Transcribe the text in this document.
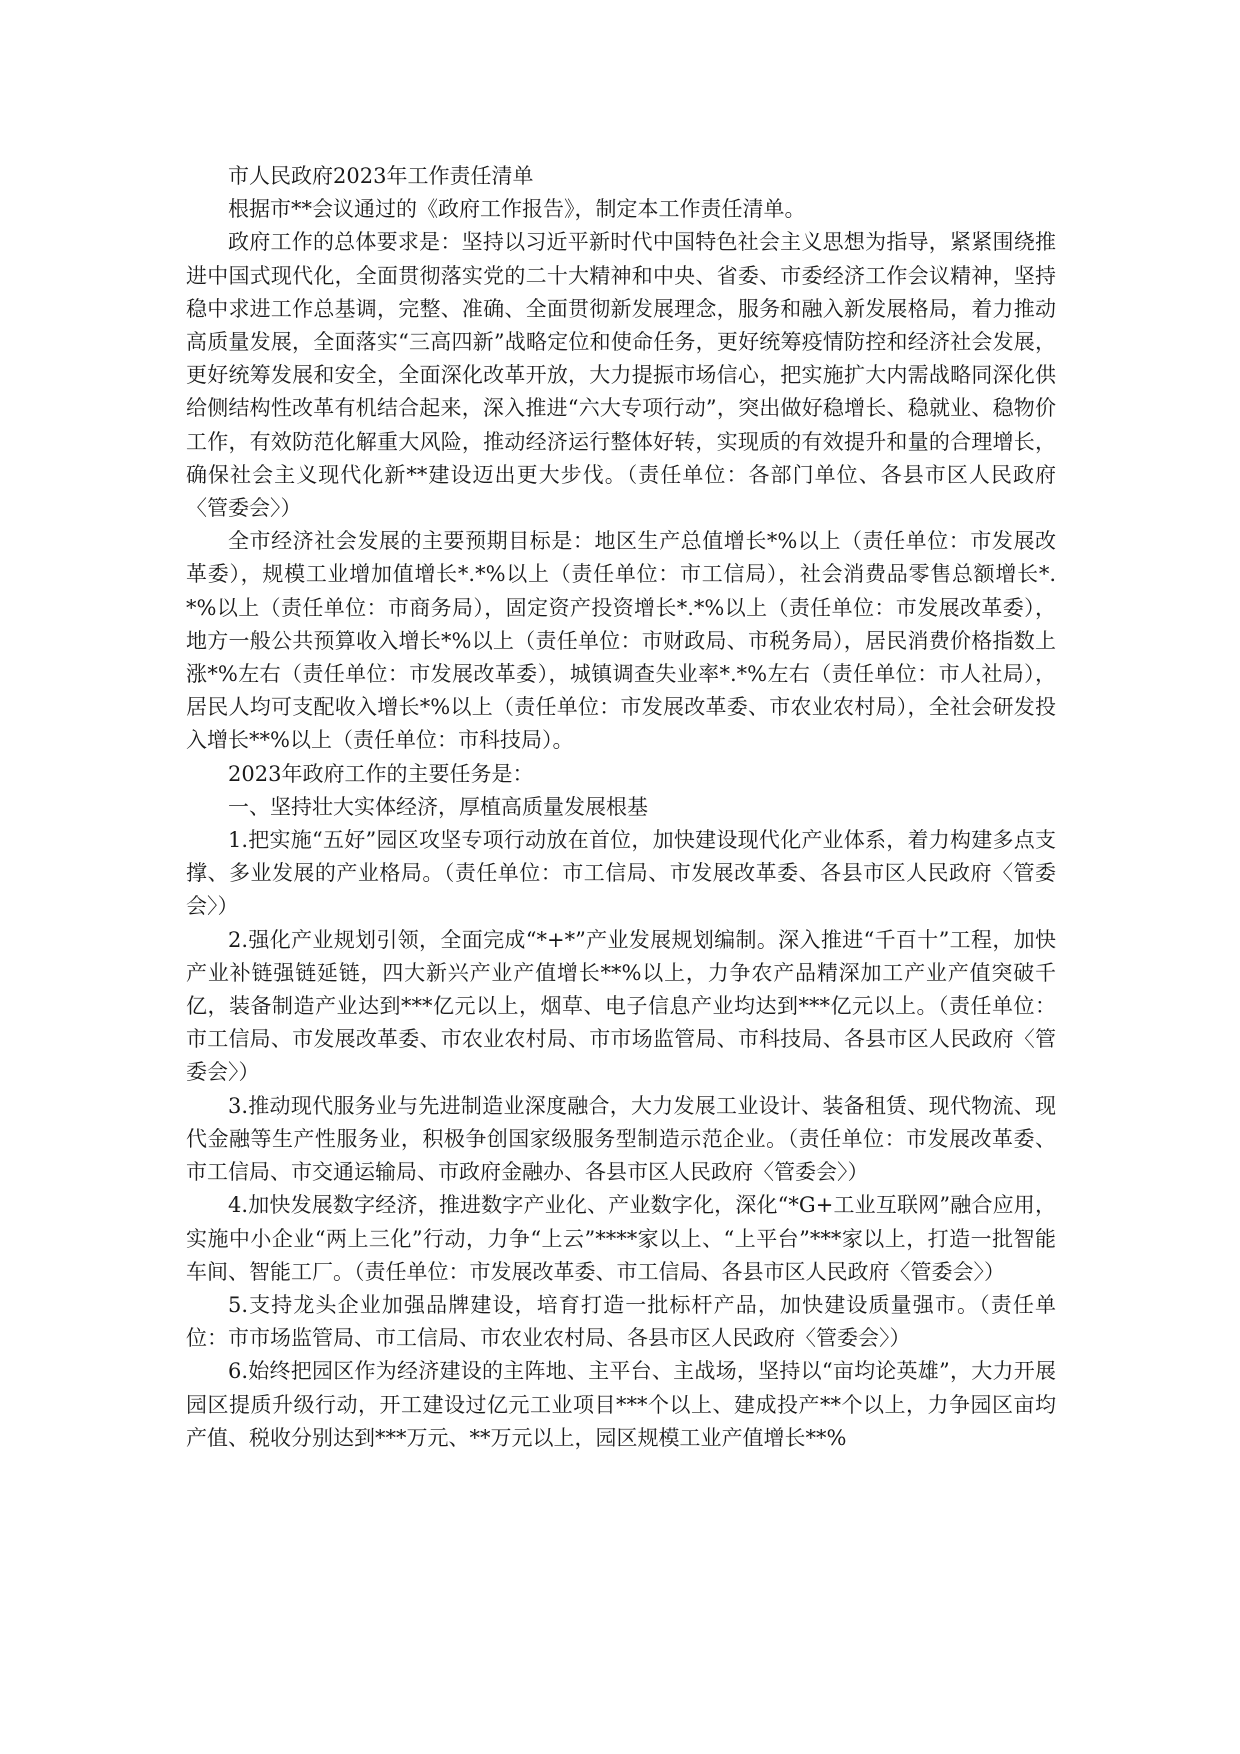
市人民政府2023年工作责任清单

根据市**会议通过的《政府工作报告》，制定本工作责任清单。

政府工作的总体要求是：坚持以习近平新时代中国特色社会主义思想为指导，紧紧围绕推进中国式现代化，全面贯彻落实党的二十大精神和中央、省委、市委经济工作会议精神，坚持稳中求进工作总基调，完整、准确、全面贯彻新发展理念，服务和融入新发展格局，着力推动高质量发展，全面落实“三高四新”战略定位和使命任务，更好统筹疫情防控和经济社会发展，更好统筹发展和安全，全面深化改革开放，大力提振市场信心，把实施扩大内需战略同深化供给侧结构性改革有机结合起来，深入推进“六大专项行动”，突出做好稳增长、稳就业、稳物价工作，有效防范化解重大风险，推动经济运行整体好转，实现质的有效提升和量的合理增长，确保社会主义现代化新**建设迈出更大步伐。（责任单位：各部门单位、各县市区人民政府〈管委会〉）

全市经济社会发展的主要预期目标是：地区生产总值增长*%以上（责任单位：市发展改革委），规模工业增加值增长*.*%以上（责任单位：市工信局），社会消费品零售总额增长*.*%以上（责任单位：市商务局），固定资产投资增长*.*%以上（责任单位：市发展改革委），地方一般公共预算收入增长*%以上（责任单位：市财政局、市税务局），居民消费价格指数上涨*%左右（责任单位：市发展改革委），城镇调查失业率*.*%左右（责任单位：市人社局），居民人均可支配收入增长*%以上（责任单位：市发展改革委、市农业农村局），全社会研发投入增长**%以上（责任单位：市科技局）。

2023年政府工作的主要任务是：

一、坚持壮大实体经济，厚植高质量发展根基

1.把实施“五好”园区攻坚专项行动放在首位，加快建设现代化产业体系，着力构建多点支撑、多业发展的产业格局。（责任单位：市工信局、市发展改革委、各县市区人民政府〈管委会〉）

2.强化产业规划引领，全面完成“*+*”产业发展规划编制。深入推进“千百十”工程，加快产业补链强链延链，四大新兴产业产值增长**%以上，力争农产品精深加工产业产值突破千亿，装备制造产业达到***亿元以上，烟草、电子信息产业均达到***亿元以上。（责任单位：市工信局、市发展改革委、市农业农村局、市市场监管局、市科技局、各县市区人民政府〈管委会〉）

3.推动现代服务业与先进制造业深度融合，大力发展工业设计、装备租赁、现代物流、现代金融等生产性服务业，积极争创国家级服务型制造示范企业。（责任单位：市发展改革委、市工信局、市交通运输局、市政府金融办、各县市区人民政府〈管委会〉）

4.加快发展数字经济，推进数字产业化、产业数字化，深化“*G+工业互联网”融合应用，实施中小企业“两上三化”行动，力争“上云”****家以上、“上平台”***家以上，打造一批智能车间、智能工厂。（责任单位：市发展改革委、市工信局、各县市区人民政府〈管委会〉）

5.支持龙头企业加强品牌建设，培育打造一批标杆产品，加快建设质量强市。（责任单位：市市场监管局、市工信局、市农业农村局、各县市区人民政府〈管委会〉）

6.始终把园区作为经济建设的主阵地、主平台、主战场，坚持以“亩均论英雄”，大力开展园区提质升级行动，开工建设过亿元工业项目***个以上、建成投产**个以上，力争园区亩均产值、税收分别达到***万元、**万元以上，园区规模工业产值增长**%
